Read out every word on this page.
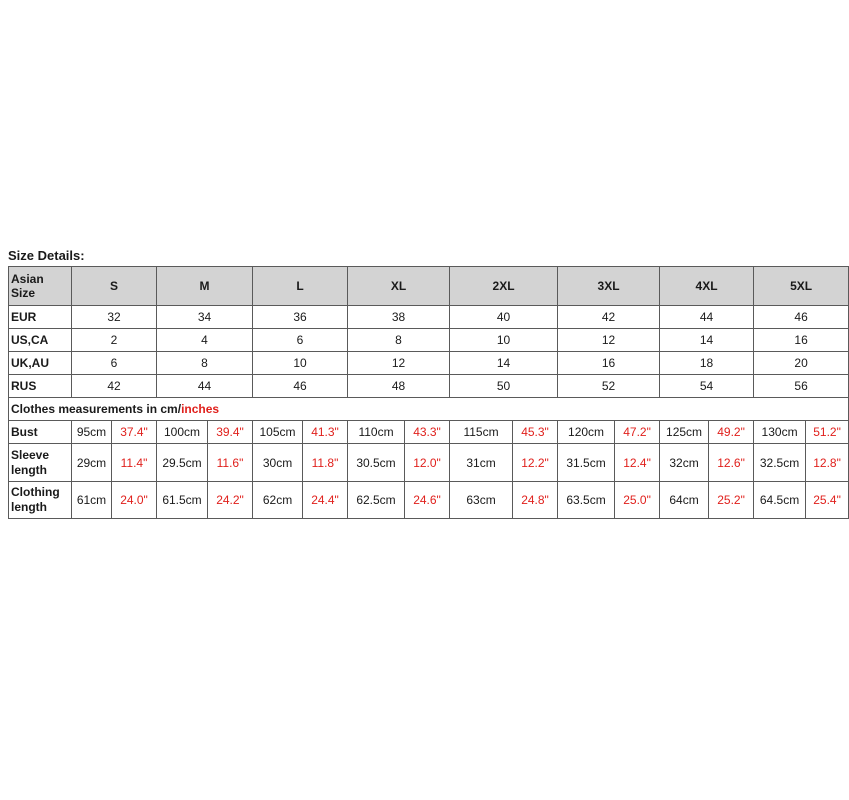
Size Details:
Asian Size	S		M		L		XL		2XL		3XL		4XL		5XL	
EUR	32		34		36		38		40		42		44		46	
US,CA	2		4		6		8		10		12		14		16	
UK,AU	6		8		10		12		14		16		18		20	
RUS	42		44		46		48		50		52		54		56	
Clothes measurements in cm/inches																
Bust	95cm	37.4"	100cm	39.4"	105cm	41.3"	110cm	43.3"	115cm	45.3"	120cm	47.2"	125cm	49.2"	130cm	51.2"
Sleeve length	29cm	11.4"	29.5cm	11.6"	30cm	11.8"	30.5cm	12.0"	31cm	12.2"	31.5cm	12.4"	32cm	12.6"	32.5cm	12.8"
Clothing length	61cm	24.0"	61.5cm	24.2"	62cm	24.4"	62.5cm	24.6"	63cm	24.8"	63.5cm	25.0"	64cm	25.2"	64.5cm	25.4"
